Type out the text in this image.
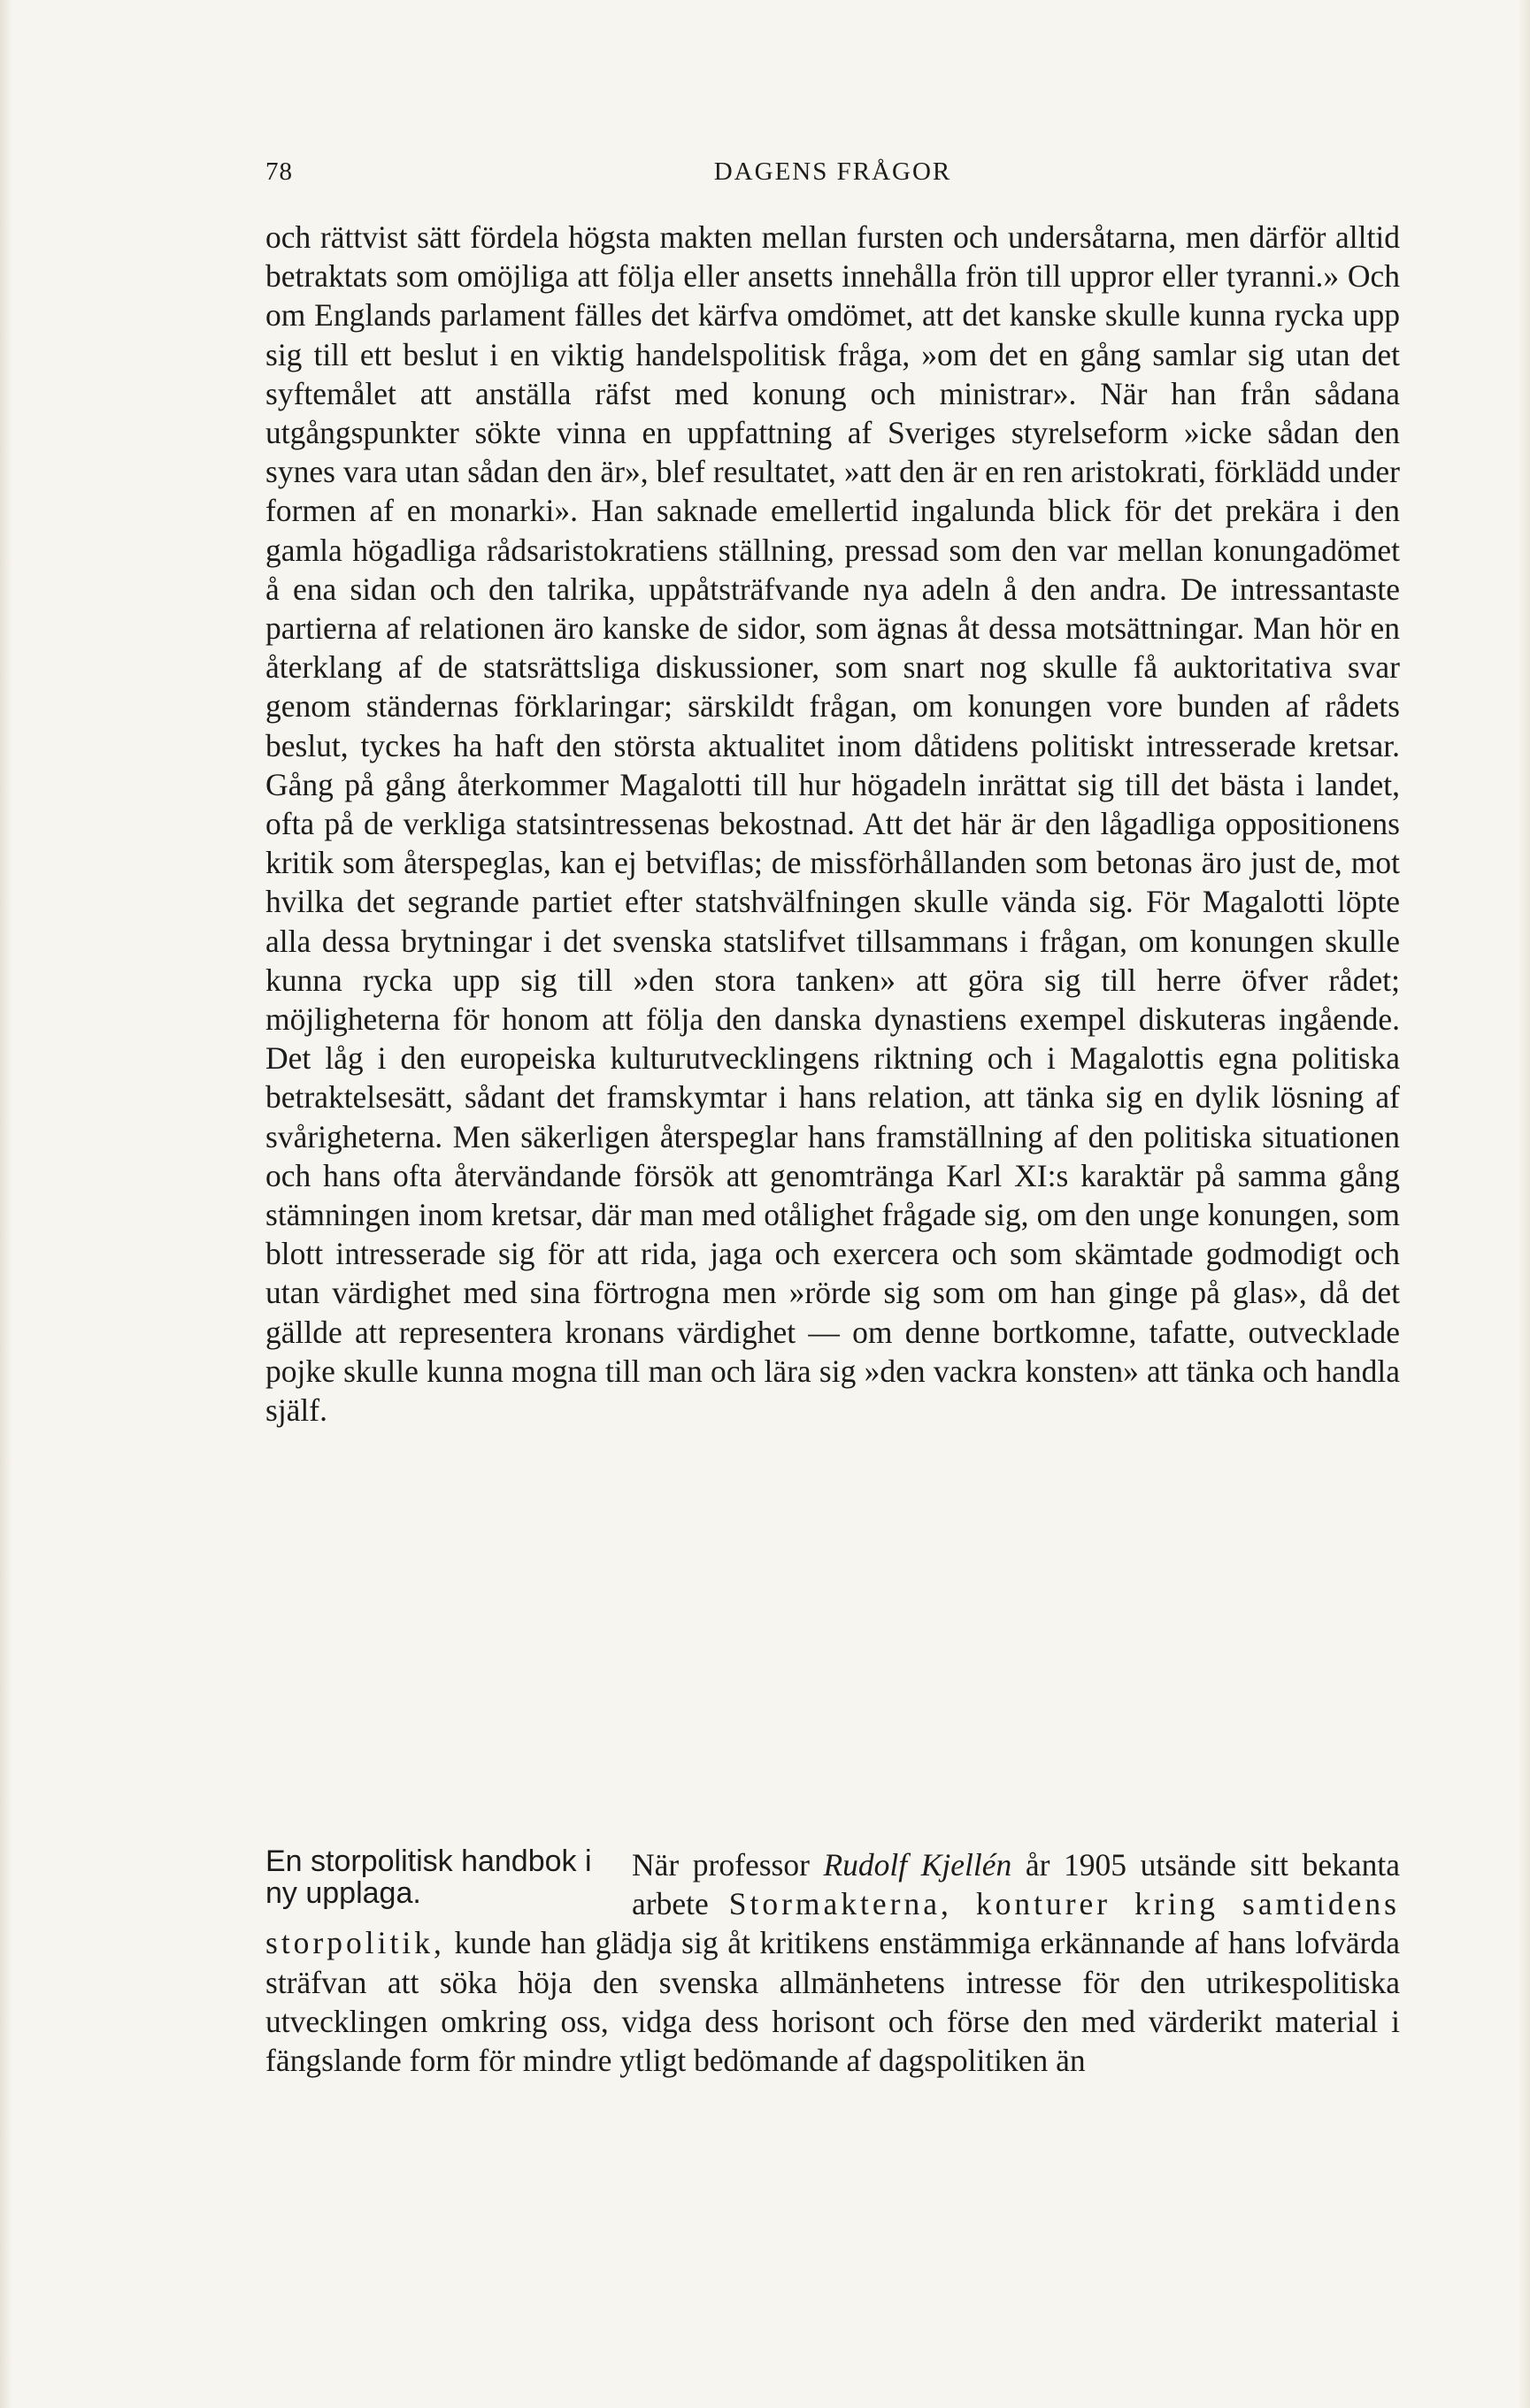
78	DAGENS FRÅGOR

och rättvist sätt fördela högsta makten mellan fursten och undersåtarna, men därför alltid betraktats som omöjliga att följa eller ansetts innehålla frön till uppror eller tyranni.» Och om Englands parlament fälles det kärfva omdömet, att det kanske skulle kunna rycka upp sig till ett beslut i en viktig handelspolitisk fråga, »om det en gång samlar sig utan det syftemålet att anställa räfst med konung och ministrar». När han från sådana utgångspunkter sökte vinna en uppfattning af Sveriges styrelseform »icke sådan den synes vara utan sådan den är», blef resultatet, »att den är en ren aristokrati, förklädd under formen af en monarki». Han saknade emellertid ingalunda blick för det prekära i den gamla högadliga rådsaristokratiens ställning, pressad som den var mellan konungadömet å ena sidan och den talrika, uppåtsträfvande nya adeln å den andra. De intressantaste partierna af relationen äro kanske de sidor, som ägnas åt dessa motsättningar. Man hör en återklang af de statsrättsliga diskussioner, som snart nog skulle få auktoritativa svar genom ständernas förklaringar; särskildt frågan, om konungen vore bunden af rådets beslut, tyckes ha haft den största aktualitet inom dåtidens politiskt intresserade kretsar. Gång på gång återkommer Magalotti till hur högadeln inrättat sig till det bästa i landet, ofta på de verkliga statsintressenas bekostnad. Att det här är den lågadliga oppositionens kritik som återspeglas, kan ej betviflas; de missförhållanden som betonas äro just de, mot hvilka det segrande partiet efter statshvälfningen skulle vända sig. För Magalotti löpte alla dessa brytningar i det svenska statslifvet tillsammans i frågan, om konungen skulle kunna rycka upp sig till »den stora tanken» att göra sig till herre öfver rådet; möjligheterna för honom att följa den danska dynastiens exempel diskuteras ingående. Det låg i den europeiska kulturutvecklingens riktning och i Magalottis egna politiska betraktelsesätt, sådant det framskymtar i hans relation, att tänka sig en dylik lösning af svårigheterna. Men säkerligen återspeglar hans framställning af den politiska situationen och hans ofta återvändande försök att genomtränga Karl XI:s karaktär på samma gång stämningen inom kretsar, där man med otålighet frågade sig, om den unge konungen, som blott intresserade sig för att rida, jaga och exercera och som skämtade godmodigt och utan värdighet med sina förtrogna men »rörde sig som om han ginge på glas», då det gällde att representera kronans värdighet — om denne bortkomne, tafatte, outvecklade pojke skulle kunna mogna till man och lära sig »den vackra konsten» att tänka och handla själf.

En storpolitisk handbok i ny upplaga.

När professor Rudolf Kjellén år 1905 utsände sitt bekanta arbete Stormakterna, konturer kring samtidens storpolitik, kunde han glädja sig åt kritikens enstämmiga erkännande af hans lofvärda sträfvan att söka höja den svenska allmänhetens intresse för den utrikespolitiska utvecklingen omkring oss, vidga dess horisont och förse den med värderikt material i fängslande form för mindre ytligt bedömande af dagspolitiken än
